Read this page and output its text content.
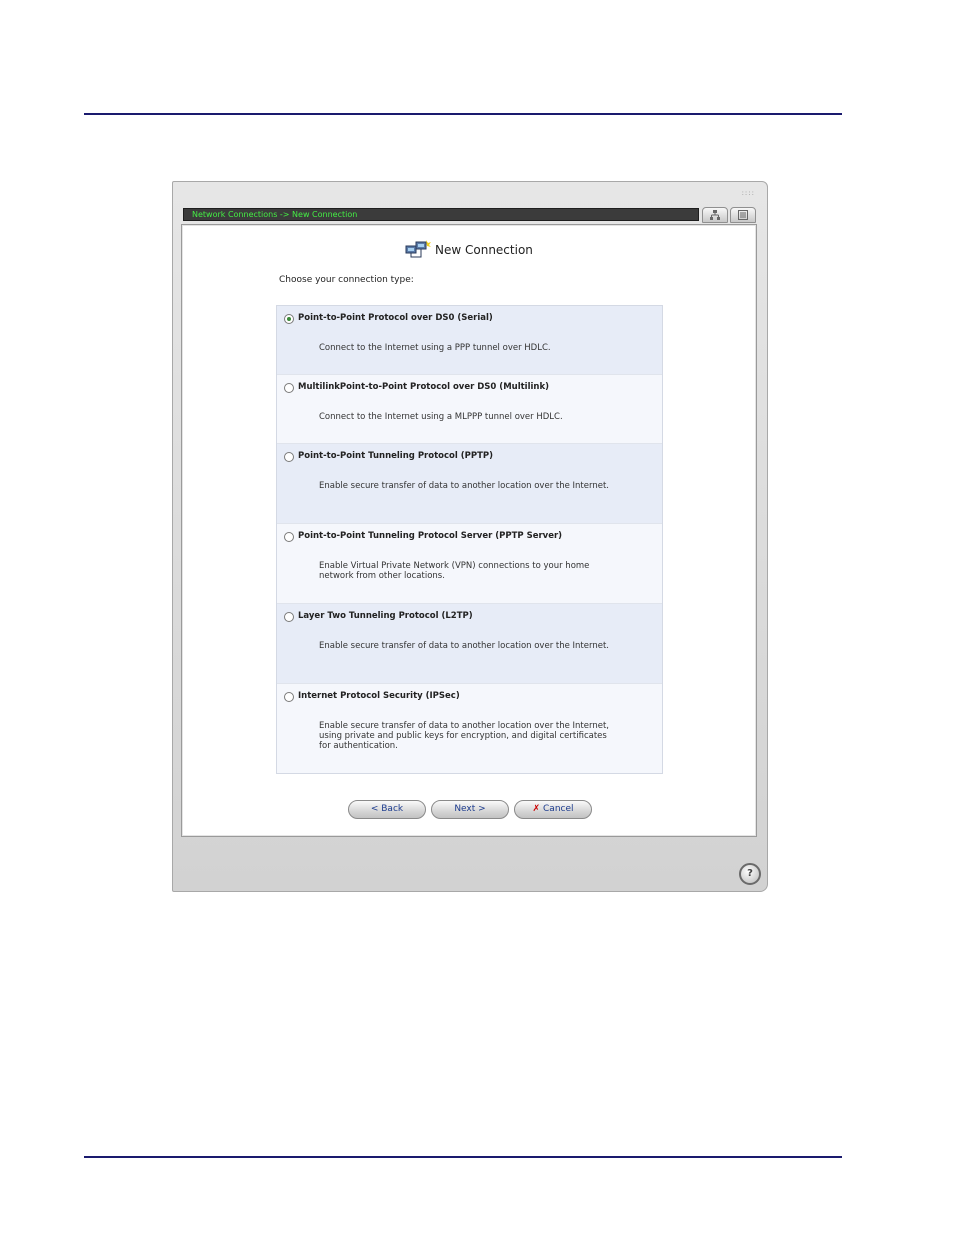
::::
Network Connections -> New Connection
New Connection
Choose your connection type:
Point-to-Point Protocol over DS0 (Serial)
Connect to the Internet using a PPP tunnel over HDLC.
MultilinkPoint-to-Point Protocol over DS0 (Multilink)
Connect to the Internet using a MLPPP tunnel over HDLC.
Point-to-Point Tunneling Protocol (PPTP)
Enable secure transfer of data to another location over the Internet.
Point-to-Point Tunneling Protocol Server (PPTP Server)
Enable Virtual Private Network (VPN) connections to your home network from other locations.
Layer Two Tunneling Protocol (L2TP)
Enable secure transfer of data to another location over the Internet.
Internet Protocol Security (IPSec)
Enable secure transfer of data to another location over the Internet, using private and public keys for encryption, and digital certificates for authentication.
< Back	Next >	✗ Cancel
?
